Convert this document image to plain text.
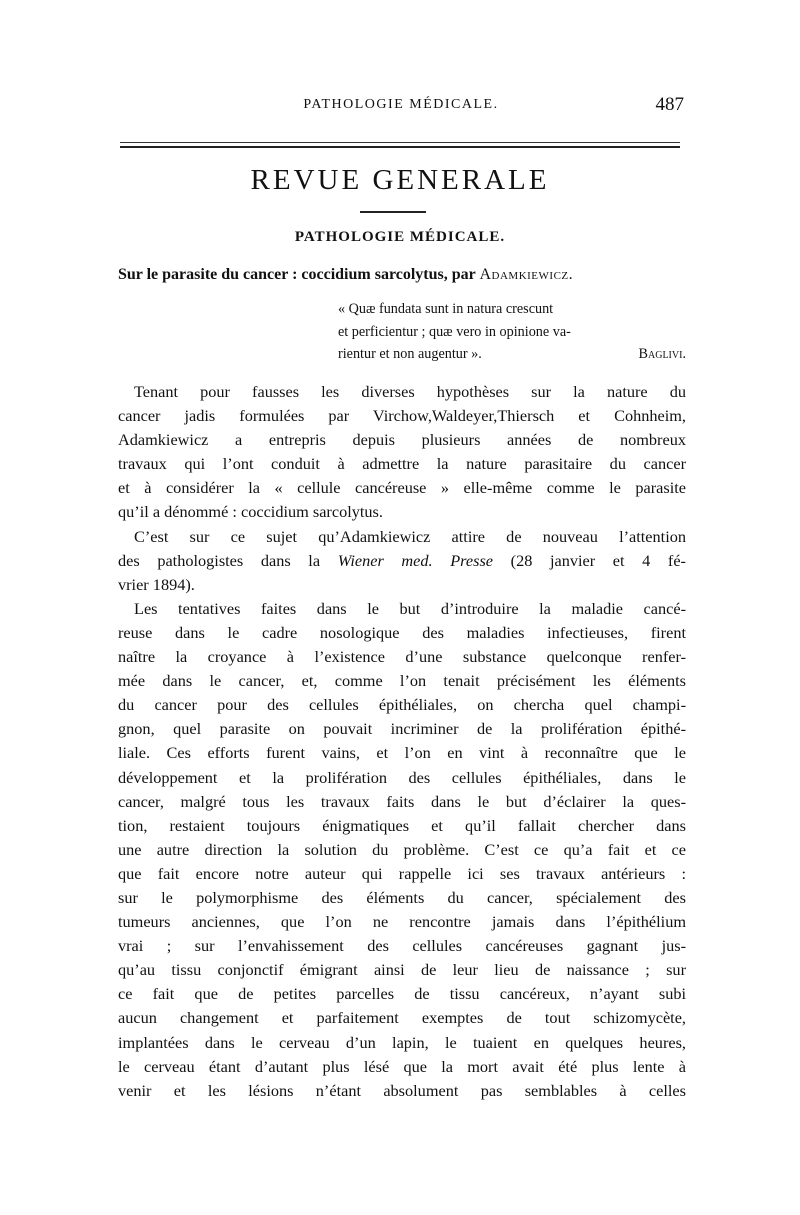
PATHOLOGIE MÉDICALE.	487
REVUE GENERALE
PATHOLOGIE MÉDICALE.
Sur le parasite du cancer : coccidium sarcolytus, par Adamkiewicz.
« Quæ fundata sunt in natura crescunt
et perficientur ; quæ vero in opinione va-
rientur et non augentur ».	Baglivi.
Tenant pour fausses les diverses hypothèses sur la nature du
cancer jadis formulées par Virchow,Waldeyer,Thiersch et Cohnheim,
Adamkiewicz a entrepris depuis plusieurs années de nombreux
travaux qui l’ont conduit à admettre la nature parasitaire du cancer
et à considérer la « cellule cancéreuse » elle-même comme le parasite
qu’il a dénommé : coccidium sarcolytus.
C’est sur ce sujet qu’Adamkiewicz attire de nouveau l’attention
des pathologistes dans la Wiener med. Presse (28 janvier et 4 fé-
vrier 1894).
Les tentatives faites dans le but d’introduire la maladie cancé-
reuse dans le cadre nosologique des maladies infectieuses, firent
naître la croyance à l’existence d’une substance quelconque renfer-
mée dans le cancer, et, comme l’on tenait précisément les éléments
du cancer pour des cellules épithéliales, on chercha quel champi-
gnon, quel parasite on pouvait incriminer de la prolifération épithé-
liale. Ces efforts furent vains, et l’on en vint à reconnaître que le
développement et la prolifération des cellules épithéliales, dans le
cancer, malgré tous les travaux faits dans le but d’éclairer la ques-
tion, restaient toujours énigmatiques et qu’il fallait chercher dans
une autre direction la solution du problème. C’est ce qu’a fait et ce
que fait encore notre auteur qui rappelle ici ses travaux antérieurs :
sur le polymorphisme des éléments du cancer, spécialement des
tumeurs anciennes, que l’on ne rencontre jamais dans l’épithélium
vrai ; sur l’envahissement des cellules cancéreuses gagnant jus-
qu’au tissu conjonctif émigrant ainsi de leur lieu de naissance ; sur
ce fait que de petites parcelles de tissu cancéreux, n’ayant subi
aucun changement et parfaitement exemptes de tout schizomycète,
implantées dans le cerveau d’un lapin, le tuaient en quelques heures,
le cerveau étant d’autant plus lésé que la mort avait été plus lente à
venir et les lésions n’étant absolument pas semblables à celles
